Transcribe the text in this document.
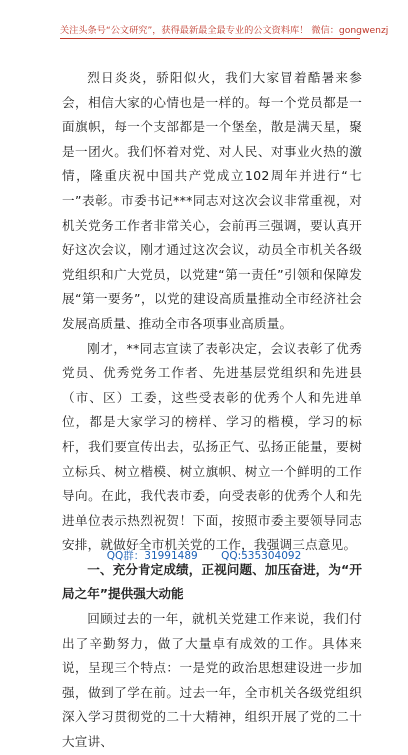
关注头条号“公文研究”，获得最新最全最专业的公文资料库！ 微信：gongwenzj

烈日炎炎，骄阳似火，我们大家冒着酷暑来参会，相信大家的心情也是一样的。每一个党员都是一面旗帜，每一个支部都是一个堡垒，散是满天星，聚是一团火。我们怀着对党、对人民、对事业火热的激情，隆重庆祝中国共产党成立102周年并进行“七一”表彰。市委书记***同志对这次会议非常重视，对机关党务工作者非常关心，会前再三强调，要认真开好这次会议，刚才通过这次会议，动员全市机关各级党组织和广大党员，以党建“第一责任”引领和保障发展“第一要务”，以党的建设高质量推动全市经济社会发展高质量、推动全市各项事业高质量。

刚才，**同志宣读了表彰决定，会议表彰了优秀党员、优秀党务工作者、先进基层党组织和先进县（市、区）工委，这些受表彰的优秀个人和先进单位，都是大家学习的榜样、学习的楷模，学习的标杆，我们要宣传出去，弘扬正气、弘扬正能量，要树立标兵、树立楷模、树立旗帜、树立一个鲜明的工作导向。在此，我代表市委，向受表彰的优秀个人和先进单位表示热烈祝贺！下面，按照市委主要领导同志安排，就做好全市机关党的工作，我强调三点意见。

一、充分肯定成绩，正视问题、加压奋进，为“开局之年”提供强大动能

回顾过去的一年，就机关党建工作来说，我们付出了辛勤努力，做了大量卓有成效的工作。具体来说，呈现三个特点：一是党的政治思想建设进一步加强，做到了学在前。过去一年，全市机关各级党组织深入学习贯彻党的二十大精神，组织开展了党的二十大宣讲、

QQ群：31991489 QQ:535304092
